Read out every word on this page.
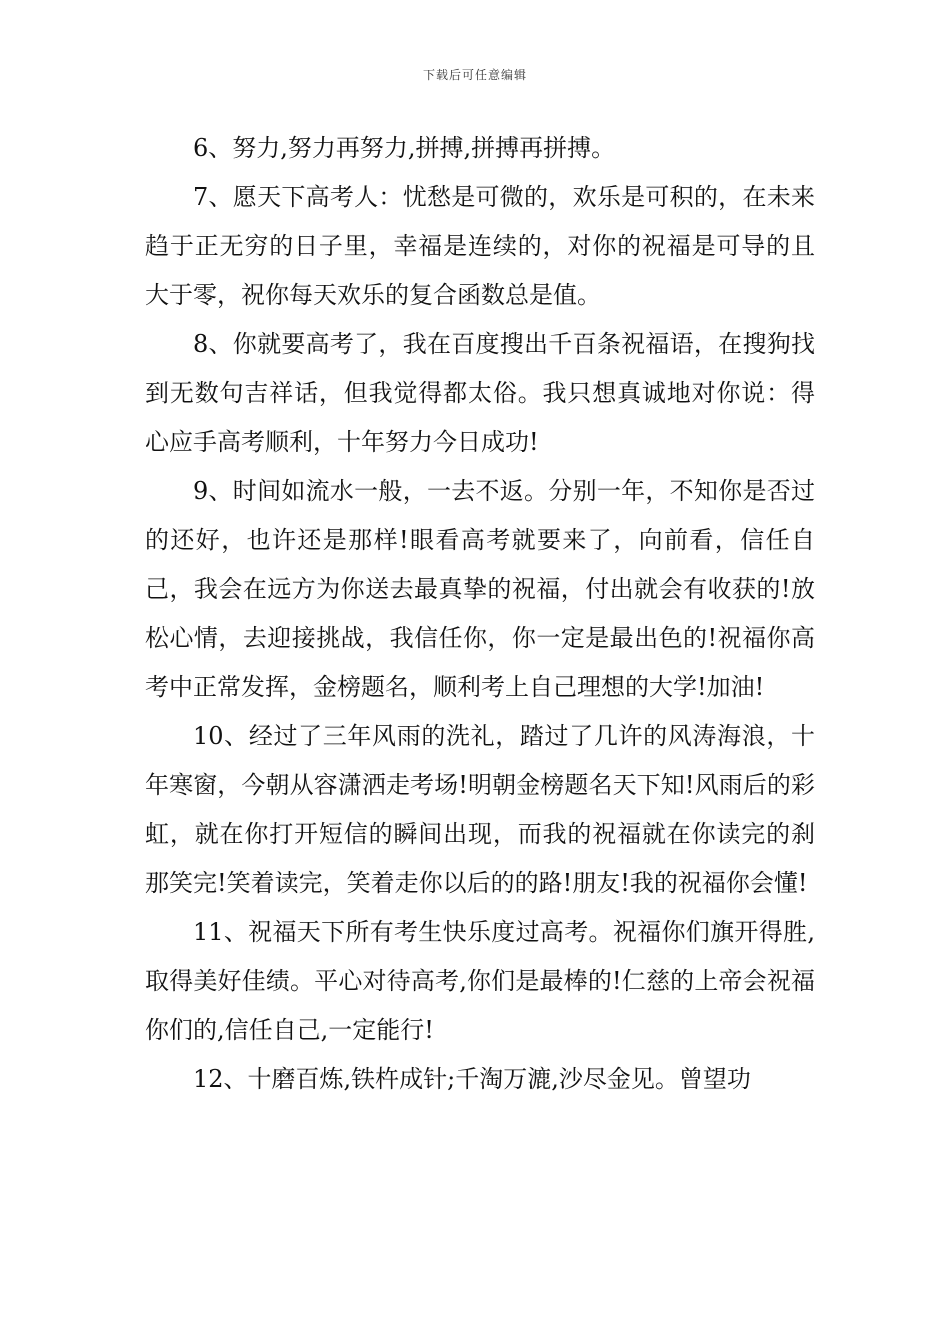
下载后可任意编辑

6、努力,努力再努力,拼搏,拼搏再拼搏。

7、愿天下高考人：忧愁是可微的，欢乐是可积的，在未来趋于正无穷的日子里，幸福是连续的，对你的祝福是可导的且大于零，祝你每天欢乐的复合函数总是值。

8、你就要高考了，我在百度搜出千百条祝福语，在搜狗找到无数句吉祥话，但我觉得都太俗。我只想真诚地对你说：得心应手高考顺利，十年努力今日成功!

9、时间如流水一般，一去不返。分别一年，不知你是否过的还好，也许还是那样!眼看高考就要来了，向前看，信任自己，我会在远方为你送去最真挚的祝福，付出就会有收获的!放松心情，去迎接挑战，我信任你，你一定是最出色的!祝福你高考中正常发挥，金榜题名，顺利考上自己理想的大学!加油!

10、经过了三年风雨的洗礼，踏过了几许的风涛海浪，十年寒窗，今朝从容潇洒走考场!明朝金榜题名天下知!风雨后的彩虹，就在你打开短信的瞬间出现，而我的祝福就在你读完的刹那笑完!笑着读完，笑着走你以后的的路!朋友!我的祝福你会懂!

11、祝福天下所有考生快乐度过高考。祝福你们旗开得胜,取得美好佳绩。平心对待高考,你们是最棒的!仁慈的上帝会祝福你们的,信任自己,一定能行!

12、十磨百炼,铁杵成针;千淘万漉,沙尽金见。曾望功
